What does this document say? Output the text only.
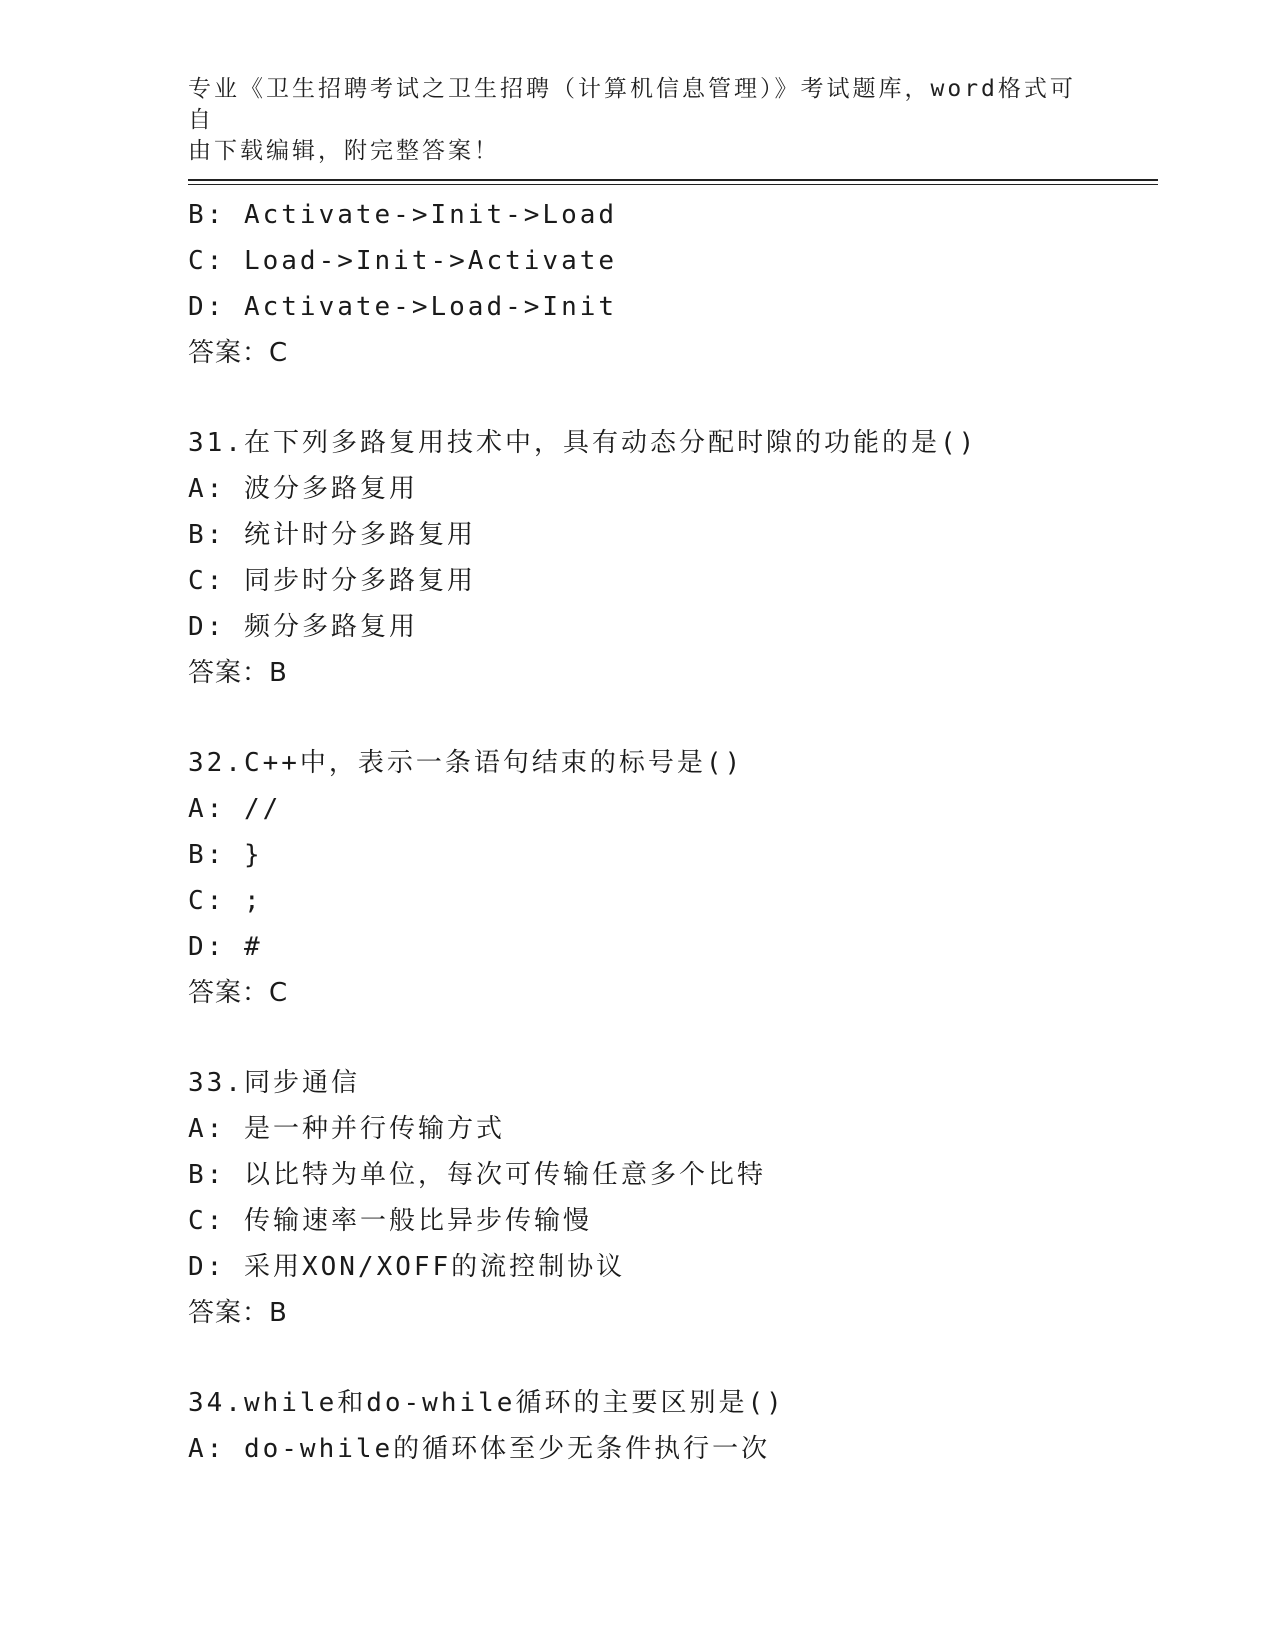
专业《卫生招聘考试之卫生招聘（计算机信息管理）》考试题库，word格式可自
由下载编辑，附完整答案！
B: Activate->Init->Load
C: Load->Init->Activate
D: Activate->Load->Init
答案：C
31.在下列多路复用技术中，具有动态分配时隙的功能的是()
A: 波分多路复用
B: 统计时分多路复用
C: 同步时分多路复用
D: 频分多路复用
答案：B
32.C++中，表示一条语句结束的标号是()
A: //
B: }
C: ;
D: #
答案：C
33.同步通信
A: 是一种并行传输方式
B: 以比特为单位，每次可传输任意多个比特
C: 传输速率一般比异步传输慢
D: 采用XON/XOFF的流控制协议
答案：B
34.while和do-while循环的主要区别是()
A: do-while的循环体至少无条件执行一次
